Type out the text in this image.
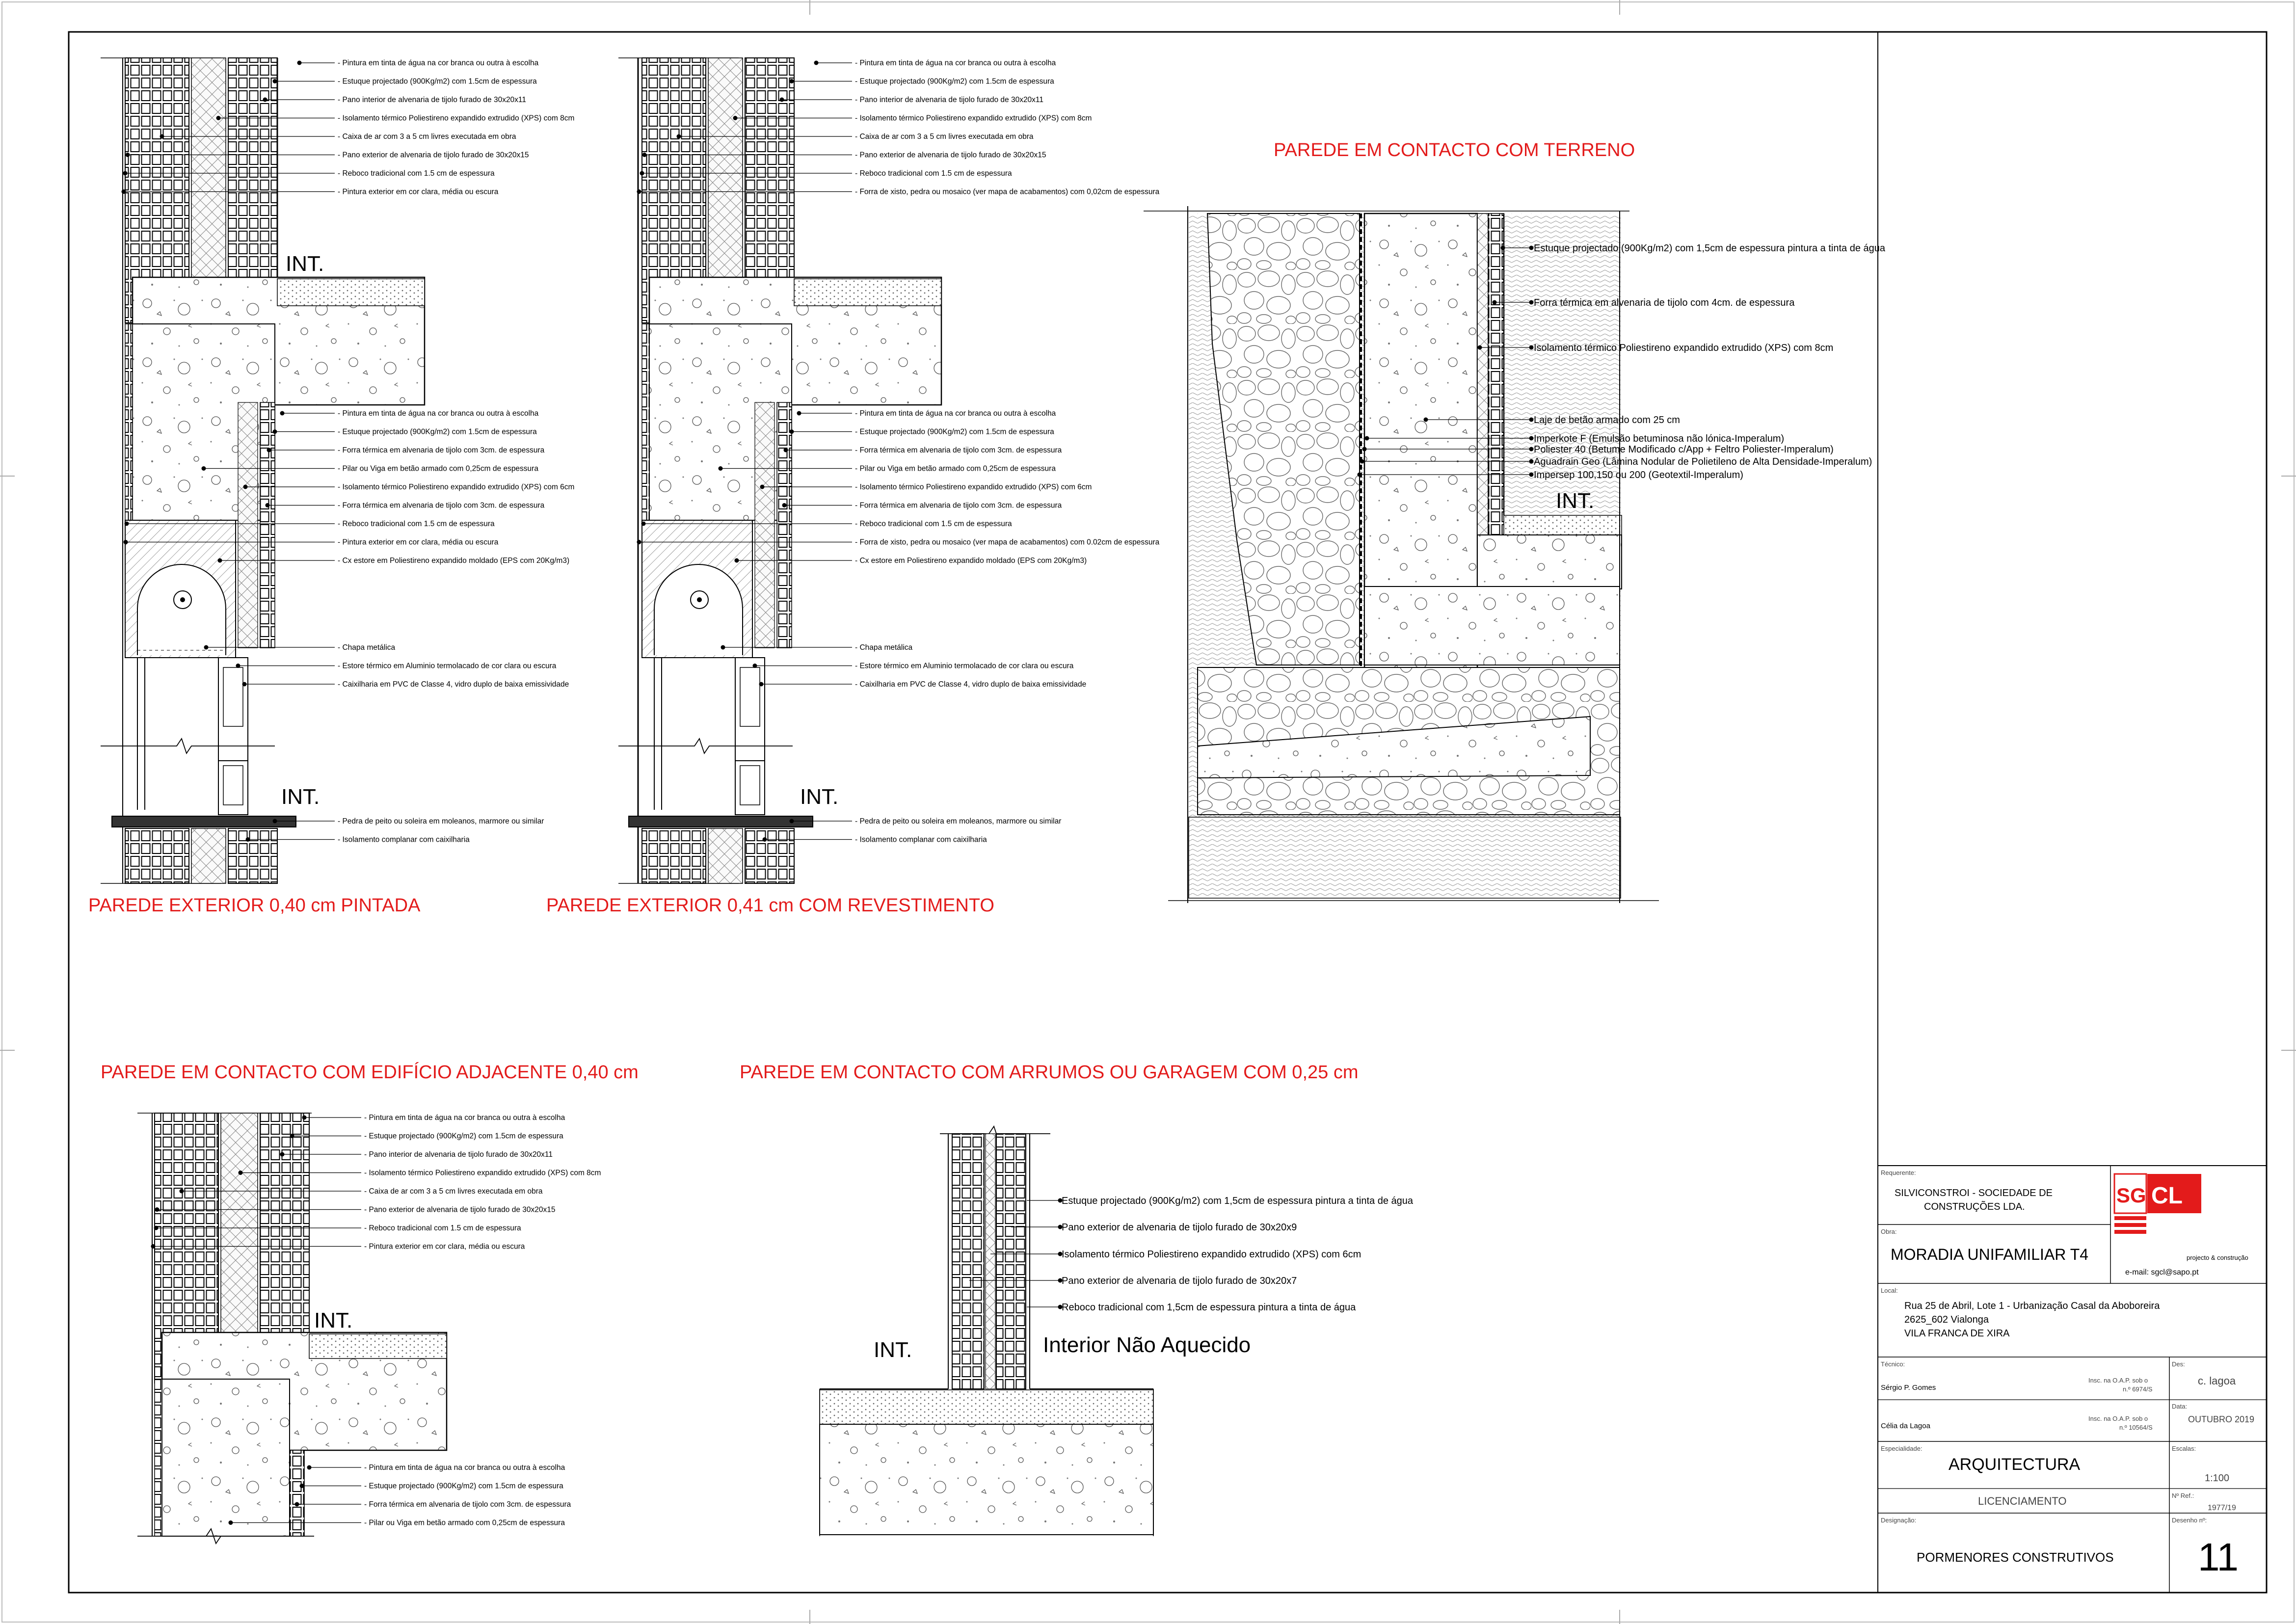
PAREDE EXTERIOR 0,40 cm PINTADA	PAREDE EXTERIOR 0,41 cm COM REVESTIMENTO
PAREDE EM CONTACTO COM TERRENO
PAREDE EM CONTACTO COM EDIFÍCIO ADJACENTE 0,40 cm	PAREDE EM CONTACTO COM ARRUMOS OU GARAGEM COM 0,25 cm
INT.
INT.	INT.
INT.
INT.
INT.	Interior Não Aquecido
- Pintura em tinta de água na cor branca ou outra à escolha
- Estuque projectado (900Kg/m2) com 1.5cm de espessura
- Pano interior de alvenaria de tijolo furado de 30x20x11
- Isolamento térmico Poliestireno expandido extrudido (XPS) com 8cm
- Caixa de ar com 3 a 5 cm livres executada em obra
- Pano exterior de alvenaria de tijolo furado de 30x20x15
- Reboco tradicional com 1.5 cm de espessura
- Pintura exterior em cor clara, média ou escura
- Pintura em tinta de água na cor branca ou outra à escolha
- Estuque projectado (900Kg/m2) com 1.5cm de espessura
- Forra térmica em alvenaria de tijolo com 3cm. de espessura
- Pilar ou Viga em betão armado com 0,25cm de espessura
- Isolamento térmico Poliestireno expandido extrudido (XPS) com 6cm
- Forra térmica em alvenaria de tijolo com 3cm. de espessura
- Reboco tradicional com 1.5 cm de espessura
- Pintura exterior em cor clara, média ou escura
- Cx estore em Poliestireno expandido moldado (EPS com 20Kg/m3)
- Chapa metálica
- Estore térmico em Aluminio termolacado de cor clara ou escura
- Caixilharia em PVC de Classe 4, vidro duplo de baixa emissividade
- Pedra de peito ou soleira em moleanos, marmore ou similar
- Isolamento complanar com caixilharia
- Pintura em tinta de água na cor branca ou outra à escolha
- Estuque projectado (900Kg/m2) com 1.5cm de espessura
- Pano interior de alvenaria de tijolo furado de 30x20x11
- Isolamento térmico Poliestireno expandido extrudido (XPS) com 8cm
- Caixa de ar com 3 a 5 cm livres executada em obra
- Pano exterior de alvenaria de tijolo furado de 30x20x15
- Reboco tradicional com 1.5 cm de espessura
- Forra de xisto, pedra ou mosaico (ver mapa de acabamentos) com 0,02cm de espessura
- Pintura em tinta de água na cor branca ou outra à escolha
- Estuque projectado (900Kg/m2) com 1.5cm de espessura
- Forra térmica em alvenaria de tijolo com 3cm. de espessura
- Pilar ou Viga em betão armado com 0,25cm de espessura
- Isolamento térmico Poliestireno expandido extrudido (XPS) com 6cm
- Forra térmica em alvenaria de tijolo com 3cm. de espessura
- Reboco tradicional com 1.5 cm de espessura
- Forra de xisto, pedra ou mosaico (ver mapa de acabamentos) com 0.02cm de espessura
- Cx estore em Poliestireno expandido moldado (EPS com 20Kg/m3)
- Chapa metálica
- Estore térmico em Aluminio termolacado de cor clara ou escura
- Caixilharia em PVC de Classe 4, vidro duplo de baixa emissividade
- Pedra de peito ou soleira em moleanos, marmore ou similar
- Isolamento complanar com caixilharia
Estuque projectado (900Kg/m2) com 1,5cm de espessura pintura a tinta de água
Forra térmica em alvenaria de tijolo com 4cm. de espessura
Isolamento térmico Poliestireno expandido extrudido (XPS) com 8cm
Laje de betão armado com 25 cm
Imperkote F (Emulsão betuminosa não lónica-Imperalum)
Poliester 40 (Betume Modificado c/App + Feltro Poliester-Imperalum)
Aguadrain Geo (Lâmina Nodular de Polietileno de Alta Densidade-Imperalum)
Impersep 100,150 ou 200 (Geotextil-Imperalum)
- Pintura em tinta de água na cor branca ou outra à escolha
- Estuque projectado (900Kg/m2) com 1.5cm de espessura
- Pano interior de alvenaria de tijolo furado de 30x20x11
- Isolamento térmico Poliestireno expandido extrudido (XPS) com 8cm
- Caixa de ar com 3 a 5 cm livres executada em obra
- Pano exterior de alvenaria de tijolo furado de 30x20x15
- Reboco tradicional com 1.5 cm de espessura
- Pintura exterior em cor clara, média ou escura
- Pintura em tinta de água na cor branca ou outra à escolha
- Estuque projectado (900Kg/m2) com 1.5cm de espessura
- Forra térmica em alvenaria de tijolo com 3cm. de espessura
- Pilar ou Viga em betão armado com 0,25cm de espessura
Estuque projectado (900Kg/m2) com 1,5cm de espessura pintura a tinta de água
Pano exterior de alvenaria de tijolo furado de 30x20x9
Isolamento térmico Poliestireno expandido extrudido (XPS) com 6cm
Pano exterior de alvenaria de tijolo furado de 30x20x7
Reboco tradicional com 1,5cm de espessura pintura a tinta de água
SG CL
projecto & construção
e-mail: sgcl@sapo.pt
Requerente:
SILVICONSTROI - SOCIEDADE DE
CONSTRUÇÕES LDA.
Obra:
MORADIA UNIFAMILIAR T4
Local:
Rua 25 de Abril, Lote 1 - Urbanização Casal da Aboboreira
2625_602 Vialonga
VILA FRANCA DE XIRA
Técnico:
Sérgio P. Gomes
Insc. na O.A.P. sob o
n.º 6974/S
Célia da Lagoa
Insc. na O.A.P. sob o
n.º 10564/S
Des:
c. lagoa
Data:
OUTUBRO 2019
Especialidade:
ARQUITECTURA
Escalas:
1:100
LICENCIAMENTO	Nº Ref.:
1977/19
Designação:
PORMENORES CONSTRUTIVOS
Desenho nº:
11
